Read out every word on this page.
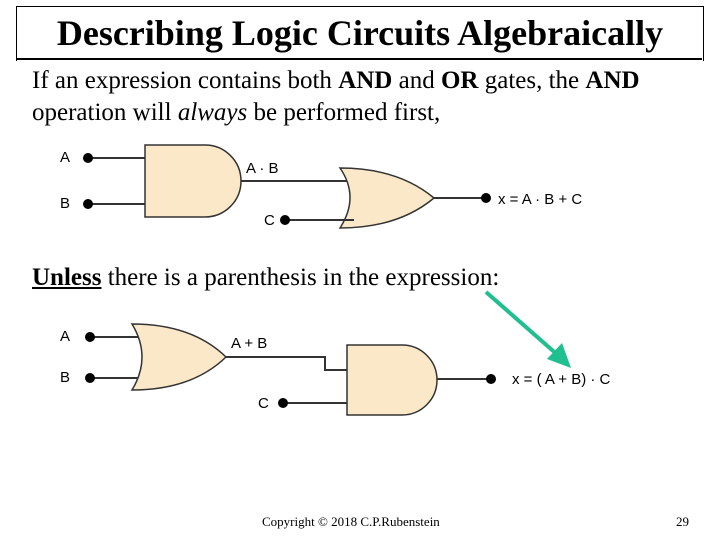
Describing Logic Circuits Algebraically
If an expression contains both AND and OR gates, the AND operation will always be performed first,
Unless there is a parenthesis in the expression:
A
B
A · B
C
x = A · B + C
A
B
A + B
C
x = ( A + B) · C
Copyright © 2018 C.P.Rubenstein	29
